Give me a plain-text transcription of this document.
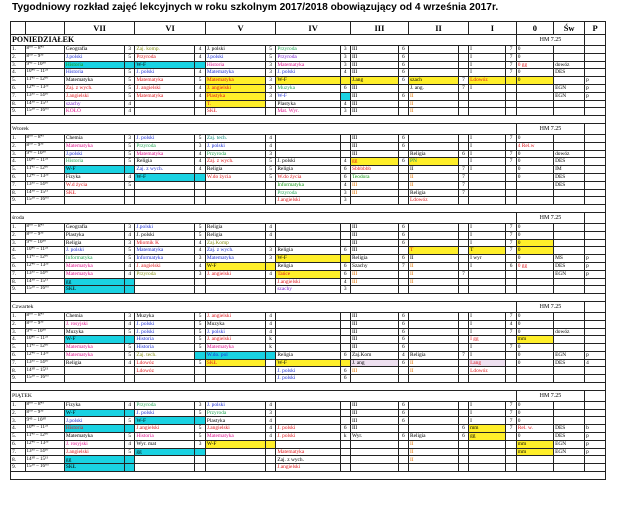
Tygodniowy rozkład zajęć lekcyjnych w roku szkolnym 2017/2018 obowiązujący od 4 września 2017r.
		VII		VI		V		IV		III		II		I		0	Św	P
PONIEDZIAŁEK																HM 7.25		
1.	8⁰⁰ – 8⁴⁵	Geografia	3	Zaj. komp.	4	J. polski	5	Przyroda	3	III	6			I	7	0		
2.	8⁵⁰ – 9³⁵	J.polski	5	Przyroda	4	J.polski	5	Przyroda	3	III	6			I	7	0		
3.	9⁴⁵ – 10³⁰	Historia		W-F		Historia	3	Matematyka	3	III	6			I	7	0 gg	dowóz	
4.	10⁴⁰ – 11²⁵	Historia	5	J. polski	4	Matematyka	3	J. polski	4	III	6			I	7	0	DES	
5.	11⁴⁵ – 12³⁰	Matematyka	5	Matematyka	5	Matematyka	3	W-F		J.ang	6	szach	7	Ldowóz		0		p
6.	12⁴⁰ – 13²⁵	Zaj. z wych.	5	J. angielski	4	J. angielski	3	Muzyka	6	III		J. ang.	7	I			EGN	p
7.	13³⁵ – 14²⁰	J.angielski	5	Matematyka	4	Plastyka	3	W-F		III	6	II					EGN	p
8.	14³⁰ – 15¹⁵	szachy	4			T.		Plastyka	4	III		II						
9.	15²⁰ – 16⁰⁵	KOŁO	4			ŚKŁ		Mat. Wyr.	3	III		II						

Wtorek																HM 7.25		
1.	8⁰⁰ – 8⁴⁵	Chemia	3	J. polski	5	Zaj. tech.	4			III	6			I	7	0		
2.	8⁵⁰ – 9³⁵	Matematyka	5	Przyroda	3	J. polski	4			III	6			I		4 Rel.w		
3.	9⁴⁵ – 10³⁰	J.polski	5	Matematyka	4	Przyroda	3			III		Religia	6	I	7	0	dowóz	
4.	10⁴⁰ – 11²⁵	Historia	5	Religia	4	Zaj. z wych.	5	J. polski	4	gg	6	PN		I	7	0	DES	
5.	11⁴⁵ – 12³⁰	W-F		Zaj. z wych.	4	Religia	5	Religia	6	Sbbbbbb		II	7	I		0	IM	
6.	12⁴⁰ – 13²⁵	Fizyka	4	W-F		W.do życia	5	W.do życia	6	Teodora		II	7			0	DES	
7.	13³⁵ – 14²⁰	W.d życia	5					Informatyka	4	III		II	7				DES	
8.	14³⁰ – 15¹⁵	ŚKŁ						Przyroda	3	III		Religia	7					
9.	15²⁰ – 16⁰⁵							J.angielski	3			Ldowóz						

środa																HM 7.25		
1.	8⁰⁰ – 8⁴⁵	Geografia	3	J.polski	5	Religia	4			III	6			I	7	0		
2.	8⁵⁰ – 9³⁵	Plastyka	4	J. polski	5	Religia	4			III	6			I	7	0		
3.	9⁴⁵ – 10³⁰	Religia	3	Miomik K	4	Zaj.Komp				III	6			I	7	0		
4.	10⁴⁰ – 11²⁵	J. polski	5	Matematyka	4	Zaj. z wych.	3	Religia	6	III		T		T	7	0		
5.	11⁴⁵ – 12³⁰	Informatyka	5	Informatyka	3	Matematyka	3	W-F		Religia	6	II		I wyr		0	MS	p
6.	12⁴⁰ – 13²⁵	Matematyka	4	J. angielski	4	W-F		Religia	6	Szachy	7	II		I	6	0 gg	DES	p
7.	13³⁵ – 14²⁰	Matematyka	4	Przyroda	3	J. angielski	4	Tańce	6	III		II	7				EGN	p
8.	14³⁰ – 15¹⁵	gg						J.angielski	4	III		II						
9.	15²⁰ – 16⁰⁵	ŚKŁ						szachy	3									

Czwartek																HM 7.25		
1.	8⁰⁰ – 8⁴⁵	Chemia	3	Muzyka	5	J. angielski	4			III	6			I	7	0		
2.	8⁵⁰ – 9³⁵	J. rosyjski	4	J. polski	5	Muzyka	4			III	6			I	4	0		
3.	9⁴⁵ – 10³⁰	Muzyka	5	J. polski	5	J. polski	4			III	6			I	7	0	dowóz	
4.	10⁴⁰ – 11²⁵	W-F		Historia	5	J. angielski	k			III	6			I gg		mm		
5.	11⁴⁵ – 12³⁰	Matematyka	5	Historia	5	Matematyka	k			III	6			I	7	0		
6.	12⁴⁰ – 13²⁵	Matematyka	5	Zaj. tech.		W.do. pol		Religia	6	Zaj.Kom	4	Religia	7	I		0	EGN	p
7.	13³⁵ – 14²⁰	Religia	4	Ldowóz	5	ŚKŁ		W-F		J. ang	6	II		I.ang		0	DES	4
8.	14³⁰ – 15¹⁵			Ldowóz				J. polski	6	III		II		Ldowóz				
9.	15²⁰ – 16⁰⁵							J. polski	6									

PIĄTEK																HM 7.25		
1.	8⁰⁰ – 8⁴⁵	Fizyka	4	Przyroda	3	J. polski	4			III	6			I	7	0		
2.	8⁵⁰ – 9³⁵	W-F		J. polski	5	Przyroda	3			III	6			I	7	0		
3.	9⁴⁵ – 10³⁰	J.polski	5	W-F		Plastyka	4			III	6			I	7	0		
4.	10⁴⁰ – 11²⁵	Historia		J.angielski	5	J.angielski	4	J. polski	6	III			6	mm	7	Rel. w.	DES	b
5.	11⁴⁵ – 12³⁰	Matematyka	5	Historia	5	Matematyka	4	J. polski	k	Wyr.	6	Religia	6	gg		0	DES	p
6.	12⁴⁰ – 13²⁵	J. rosyjski	4	Wyr. mat	3	W-F						II				mm	EGN	p
7.	13³⁵ – 14²⁰	J.angielski	5	gg				Matematyka				II				mm	EGN	p
8.	14³⁰ – 15¹⁵	gg						Zaj. z wych.				II						
9.	15²⁰ – 16⁰⁵	ŚKŁ						J.angielski										
